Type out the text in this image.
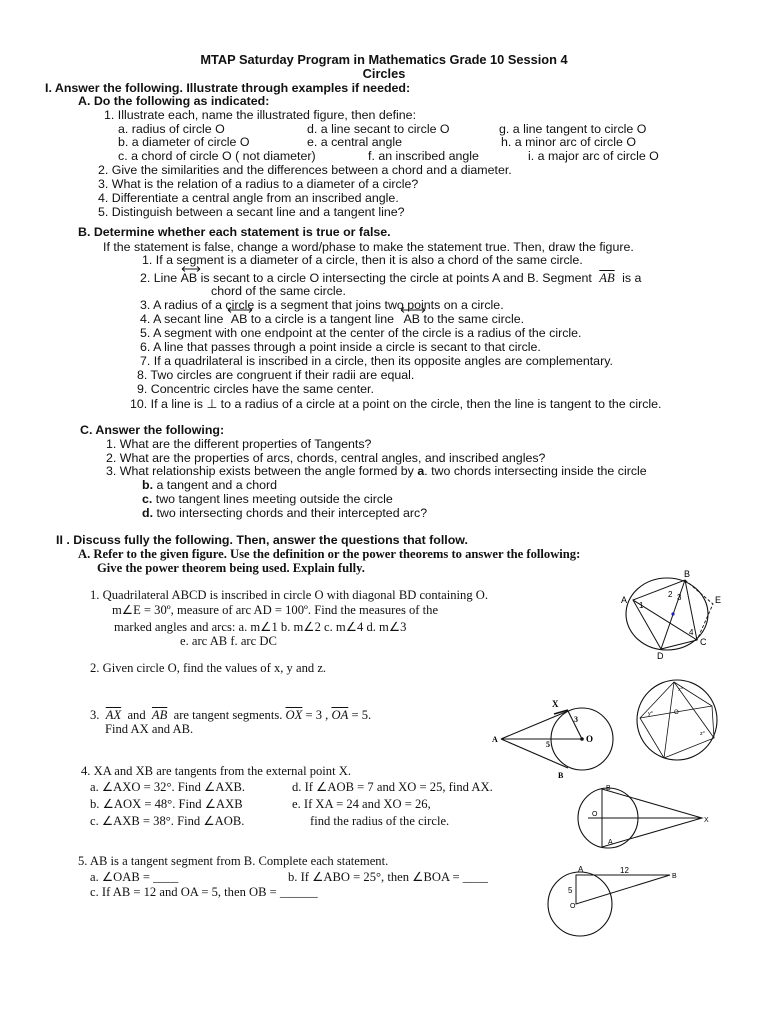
MTAP Saturday Program in Mathematics Grade 10 Session 4
Circles
I. Answer the following. Illustrate through examples if needed:
A. Do the following as indicated:
1. Illustrate each, name the illustrated figure, then define:
a. radius of circle O	d. a line secant to circle O	g. a line tangent to circle O
b. a diameter of circle O	e. a central angle	h. a minor arc of circle O
c. a chord of circle O ( not diameter)	f. an inscribed angle	i. a major arc of circle O
2. Give the similarities and the differences between a chord and a diameter.
3. What is the relation of a radius to a diameter of a circle?
4. Differentiate a central angle from an inscribed angle.
5. Distinguish between a secant line and a tangent line?
B. Determine whether each statement is true or false.
If the statement is false, change a word/phase to make the statement true. Then, draw the figure.
1. If a segment is a diameter of a circle, then it is also a chord of the same circle.
2. Line AB is secant to a circle O intersecting the circle at points A and B. Segment $\overline{AB}$ is a
chord of the same circle.
3. A radius of a circle is a segment that joins two points on a circle.
4. A secant line AB to a circle is a tangent line AB to the same circle.
5. A segment with one endpoint at the center of the circle is a radius of the circle.
6. A line that passes through a point inside a circle is secant to that circle.
7. If a quadrilateral is inscribed in a circle, then its opposite angles are complementary.
8. Two circles are congruent if their radii are equal.
9. Concentric circles have the same center.
10. If a line is ⊥ to a radius of a circle at a point on the circle, then the line is tangent to the circle.
C. Answer the following:
1. What are the different properties of Tangents?
2. What are the properties of arcs, chords, central angles, and inscribed angles?
3. What relationship exists between the angle formed by a. two chords intersecting inside the circle
b. a tangent and a chord
c. two tangent lines meeting outside the circle
d. two intersecting chords and their intercepted arc?
II . Discuss fully the following. Then, answer the questions that follow.
A. Refer to the given figure. Use the definition or the power theorems to answer the following:
Give the power theorem being used. Explain fully.
1. Quadrilateral ABCD is inscribed in circle O with diagonal BD containing O.
m∠E = 30º, measure of arc AD = 100º. Find the measures of the
marked angles and arcs: a. m∠1 b. m∠2 c. m∠4 d. m∠3
e. arc AB f. arc DC
2. Given circle O, find the values of x, y and z.
3. $\overline{AX}$ and $\overline{AB}$ are tangent segments. $\overline{OX} = 3$ , $\overline{OA} = 5$.
Find AX and AB.
4. XA and XB are tangents from the external point X.
a. ∠AXO = 32°. Find ∠AXB.	d. If ∠AOB = 7 and XO = 25, find AX.
b. ∠AOX = 48°. Find ∠AXB	e. If XA = 24 and XO = 26,
c. ∠AXB = 38°. Find ∠AOB.	find the radius of the circle.
5. AB is a tangent segment from B. Complete each statement.
a. ∠OAB = ____	b. If ∠ABO = 25°, then ∠BOA = ____
c. If AB = 12 and OA = 5, then OB = ______
B
A
1
2 3	E
4
C
D
x°
y°
z°
O
X
3
A
5
O
B
B
O
X
A
A	12
B
5
O
